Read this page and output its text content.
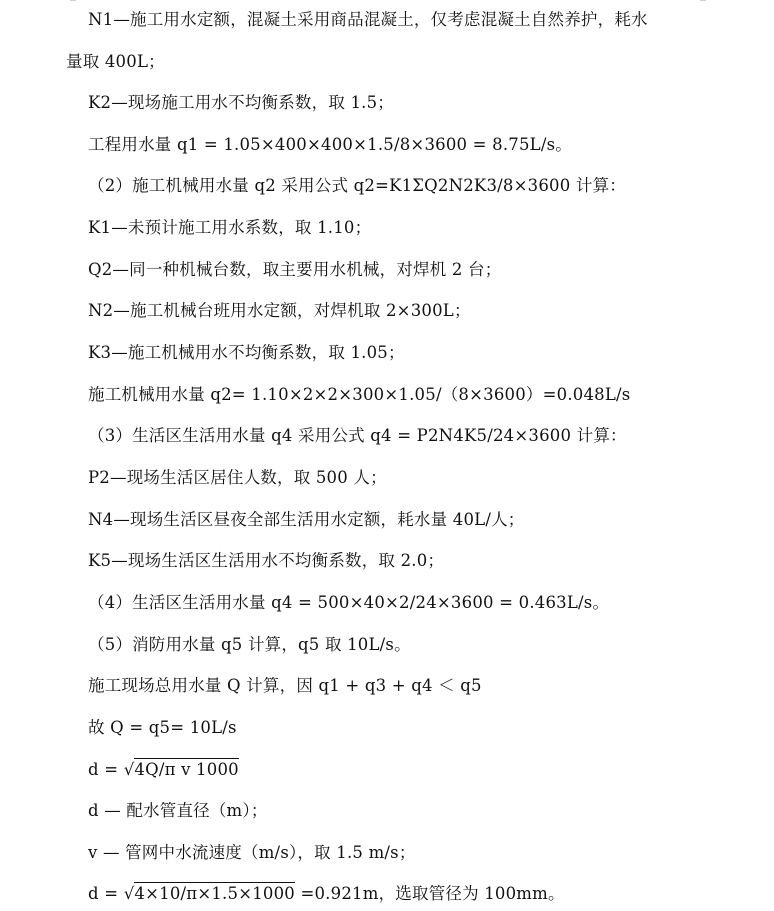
N1—施工用水定额，混凝土采用商品混凝土，仅考虑混凝土自然养护，耗水
量取 400L；
K2—现场施工用水不均衡系数，取 1.5；
工程用水量 q1 = 1.05×400×400×1.5/8×3600 = 8.75L/s。
（2）施工机械用水量 q2 采用公式 q2=K1ΣQ2N2K3/8×3600 计算：
K1—未预计施工用水系数，取 1.10；
Q2—同一种机械台数，取主要用水机械，对焊机 2 台；
N2—施工机械台班用水定额，对焊机取 2×300L；
K3—施工机械用水不均衡系数，取 1.05；
施工机械用水量 q2= 1.10×2×2×300×1.05/（8×3600）=0.048L/s
（3）生活区生活用水量 q4 采用公式 q4 = P2N4K5/24×3600 计算：
P2—现场生活区居住人数，取 500 人；
N4—现场生活区昼夜全部生活用水定额，耗水量 40L/人；
K5—现场生活区生活用水不均衡系数，取 2.0；
（4）生活区生活用水量 q4 = 500×40×2/24×3600 = 0.463L/s。
（5）消防用水量 q5 计算，q5 取 10L/s。
施工现场总用水量 Q 计算，因 q1 + q3 + q4 ＜ q5
故 Q = q5= 10L/s
d = √4Q/π v 1000
d — 配水管直径（m）；
v — 管网中水流速度（m/s），取 1.5 m/s；
d = √4×10/π×1.5×1000 =0.921m，选取管径为 100mm。
